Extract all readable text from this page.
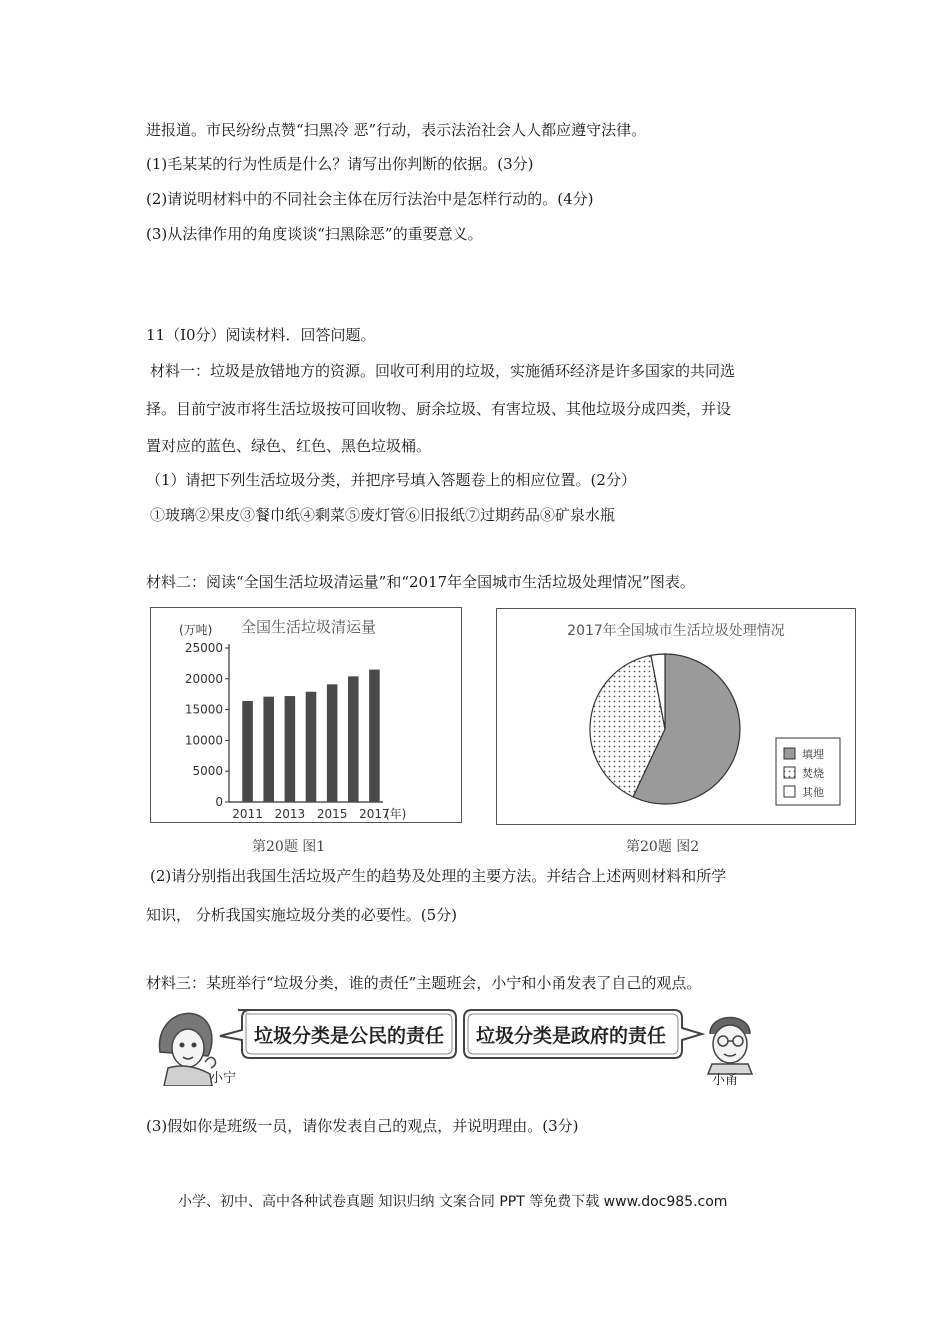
进报道。市民纷纷点赞“扫黑冷 恶”行动，表示法治社会人人都应遵守法律。
(1)毛某某的行为性质是什么？请写出你判断的依据。(3分)
(2)请说明材料中的不同社会主体在厉行法治中是怎样行动的。(4分)
(3)从法律作用的角度谈谈“扫黑除恶”的重要意义。
11（I0分）阅读材料．回答问题。
材料一：垃圾是放错地方的资源。回收可利用的垃圾，实施循环经济是许多国家的共同选
择。目前宁波市将生活垃圾按可回收物、厨余垃圾、有害垃圾、其他垃圾分成四类，并设
置对应的蓝色、绿色、红色、黑色垃圾桶。
（1）请把下列生活垃圾分类，并把序号填入答题卷上的相应位置。(2分）
①玻璃②果皮③餐巾纸④剩菜⑤废灯管⑥旧报纸⑦过期药品⑧矿泉水瓶
材料二：阅读“全国生活垃圾清运量”和“2017年全国城市生活垃圾处理情况”图表。
(万吨) 全国生活垃圾清运量
0
5000
10000
15000
20000
25000
2011 2013 2015 2017
(年)
第20题 图1
2017年全国城市生活垃圾处理情况
填埋
焚烧
其他
第20题 图2
(2)请分别指出我国生活垃圾产生的趋势及处理的主要方法。并结合上述两则材料和所学
知识， 分析我国实施垃圾分类的必要性。(5分)
材料三：某班举行“垃圾分类，谁的责任”主题班会，小宁和小甬发表了自己的观点。
垃圾分类是公民的责任
小宁
垃圾分类是政府的责任
小甬
(3)假如你是班级一员，请你发表自己的观点，并说明理由。(3分)
小学、初中、高中各种试卷真题 知识归纳 文案合同 PPT 等免费下载 www.doc985.com
